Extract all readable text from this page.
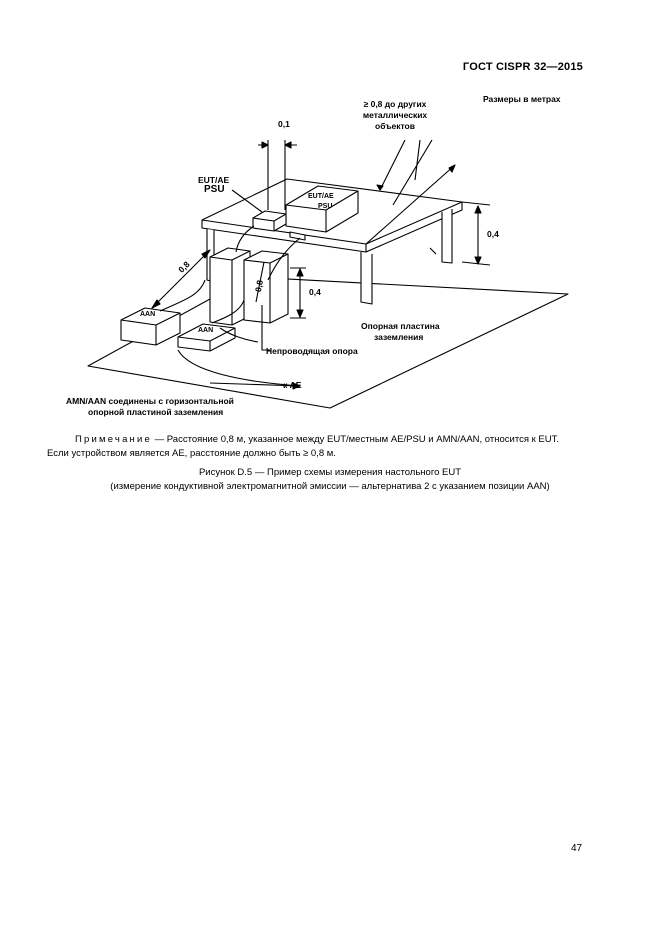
ГОСТ CISPR 32—2015
Размеры в метрах
≥ 0,8 до других
металлических
объектов
0,1
EUT/AE
PSU
EUT/AE
PSU
0,8
0,8
0,4
0,4
AAN
AAN	Опорная пластина
заземления
Непроводящая опора
к AE
AMN/AAN соединены с горизонтальной
опорной пластиной заземления
Примечание — Расстояние 0,8 м, указанное между EUT/местным AE/PSU и AMN/AAN, относится к EUT.
Если устройством является AE, расстояние должно быть ≥ 0,8 м.
Рисунок D.5 — Пример схемы измерения настольного EUT
(измерение кондуктивной электромагнитной эмиссии — альтернатива 2 с указанием позиции AAN)
47
